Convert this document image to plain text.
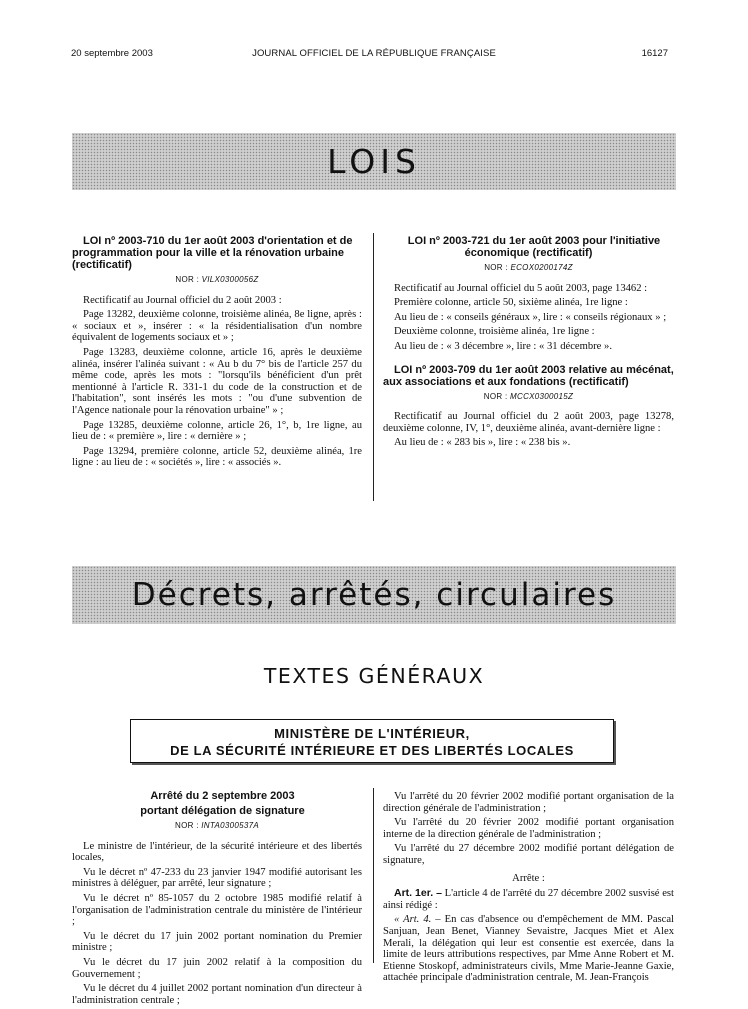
20 septembre 2003	JOURNAL OFFICIEL DE LA RÉPUBLIQUE FRANÇAISE	16127
LOIS

LOI nº 2003-710 du 1er août 2003 d'orientation et de programmation pour la ville et la rénovation urbaine (rectificatif)

NOR : VILX0300056Z

Rectificatif au Journal officiel du 2 août 2003 :

Page 13282, deuxième colonne, troisième alinéa, 8e ligne, après : « sociaux et », insérer : « la résidentialisation d'un nombre équivalent de logements sociaux et » ;

Page 13283, deuxième colonne, article 16, après le deuxième alinéa, insérer l'alinéa suivant : « Au b du 7° bis de l'article 257 du même code, après les mots : "lorsqu'ils bénéficient d'un prêt mentionné à l'article R. 331-1 du code de la construction et de l'habitation", sont insérés les mots : "ou d'une subvention de l'Agence nationale pour la rénovation urbaine" » ;

Page 13285, deuxième colonne, article 26, 1°, b, 1re ligne, au lieu de : « première », lire : « dernière » ;

Page 13294, première colonne, article 52, deuxième alinéa, 1re ligne : au lieu de : « sociétés », lire : « associés ».

LOI nº 2003-721 du 1er août 2003 pour l'initiative économique (rectificatif)

NOR : ECOX0200174Z

Rectificatif au Journal officiel du 5 août 2003, page 13462 :

Première colonne, article 50, sixième alinéa, 1re ligne :

Au lieu de : « conseils généraux », lire : « conseils régionaux » ;

Deuxième colonne, troisième alinéa, 1re ligne :

Au lieu de : « 3 décembre », lire : « 31 décembre ».

LOI nº 2003-709 du 1er août 2003 relative au mécénat, aux associations et aux fondations (rectificatif)

NOR : MCCX0300015Z

Rectificatif au Journal officiel du 2 août 2003, page 13278, deuxième colonne, IV, 1°, deuxième alinéa, avant-dernière ligne :

Au lieu de : « 283 bis », lire : « 238 bis ».

Décrets, arrêtés, circulaires
TEXTES GÉNÉRAUX
MINISTÈRE DE L'INTÉRIEUR,
DE LA SÉCURITÉ INTÉRIEURE ET DES LIBERTÉS LOCALES

Arrêté du 2 septembre 2003

portant délégation de signature

NOR : INTA0300537A

Le ministre de l'intérieur, de la sécurité intérieure et des libertés locales,

Vu le décret nº 47-233 du 23 janvier 1947 modifié autorisant les ministres à déléguer, par arrêté, leur signature ;

Vu le décret nº 85-1057 du 2 octobre 1985 modifié relatif à l'organisation de l'administration centrale du ministère de l'intérieur ;

Vu le décret du 17 juin 2002 portant nomination du Premier ministre ;

Vu le décret du 17 juin 2002 relatif à la composition du Gouvernement ;

Vu le décret du 4 juillet 2002 portant nomination d'un directeur à l'administration centrale ;

Vu l'arrêté du 20 février 2002 modifié portant organisation de la direction générale de l'administration ;

Vu l'arrêté du 20 février 2002 modifié portant organisation interne de la direction générale de l'administration ;

Vu l'arrêté du 27 décembre 2002 modifié portant délégation de signature,

Arrête :

Art. 1er. – L'article 4 de l'arrêté du 27 décembre 2002 susvisé est ainsi rédigé :

« Art. 4. – En cas d'absence ou d'empêchement de MM. Pascal Sanjuan, Jean Benet, Vianney Sevaistre, Jacques Miet et Alex Merali, la délégation qui leur est consentie est exercée, dans la limite de leurs attributions respectives, par Mme Anne Robert et M. Etienne Stoskopf, administrateurs civils, Mme Marie-Jeanne Gaxie, attachée principale d'administration centrale, M. Jean-François
